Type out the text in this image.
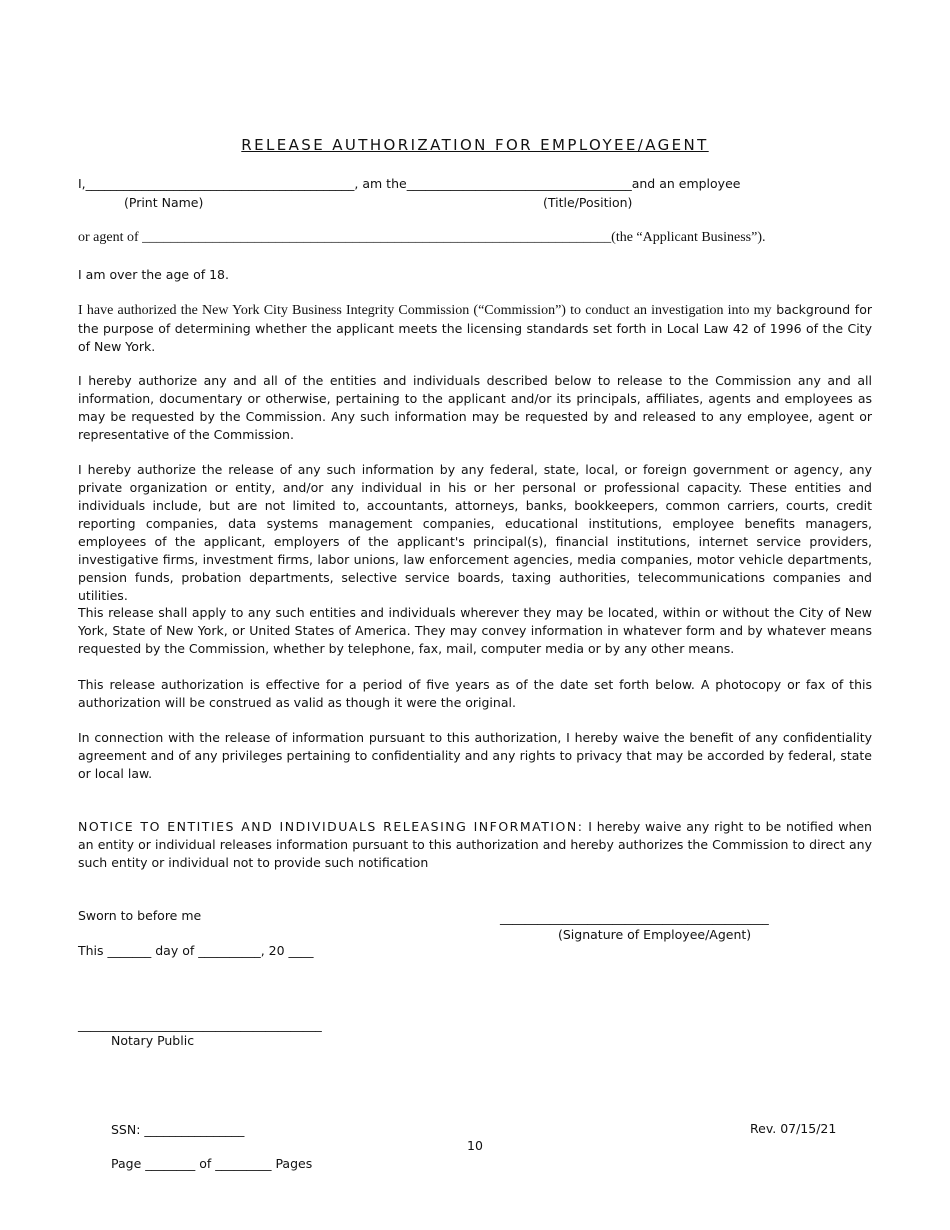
RELEASE AUTHORIZATION FOR EMPLOYEE/AGENT
I,___________________________________________, am the____________________________________and an employee
(Print Name)	(Title/Position)
or agent of ___________________________________________________________________(the “Applicant Business”).

I am over the age of 18.

I have authorized the New York City Business Integrity Commission (“Commission”) to conduct an investigation into my background for the purpose of determining whether the applicant meets the licensing standards set forth in Local Law 42 of 1996 of the City of New York.

I hereby authorize any and all of the entities and individuals described below to release to the Commission any and all information, documentary or otherwise, pertaining to the applicant and/or its principals, affiliates, agents and employees as may be requested by the Commission. Any such information may be requested by and released to any employee, agent or representative of the Commission.

I hereby authorize the release of any such information by any federal, state, local, or foreign government or agency, any private organization or entity, and/or any individual in his or her personal or professional capacity. These entities and individuals include, but are not limited to, accountants, attorneys, banks, bookkeepers, common carriers, courts, credit reporting companies, data systems management companies, educational institutions, employee benefits managers, employees of the applicant, employers of the applicant's principal(s), financial institutions, internet service providers, investigative firms, investment firms, labor unions, law enforcement agencies, media companies, motor vehicle departments, pension funds, probation departments, selective service boards, taxing authorities, telecommunications companies and utilities.

This release shall apply to any such entities and individuals wherever they may be located, within or without the City of New York, State of New York, or United States of America. They may convey information in whatever form and by whatever means requested by the Commission, whether by telephone, fax, mail, computer media or by any other means.

This release authorization is effective for a period of five years as of the date set forth below. A photocopy or fax of this authorization will be construed as valid as though it were the original.

In connection with the release of information pursuant to this authorization, I hereby waive the benefit of any confidentiality agreement and of any privileges pertaining to confidentiality and any rights to privacy that may be accorded by federal, state or local law.

NOTICE TO ENTITIES AND INDIVIDUALS RELEASING INFORMATION: I hereby waive any right to be notified when an entity or individual releases information pursuant to this authorization and hereby authorizes the Commission to direct any such entity or individual not to provide such notification
Sworn to before me
This _______ day of __________, 20 ____
___________________________________________
(Signature of Employee/Agent)
_______________________________________
Notary Public
SSN: ________________
10
Rev. 07/15/21
Page ________ of _________ Pages
